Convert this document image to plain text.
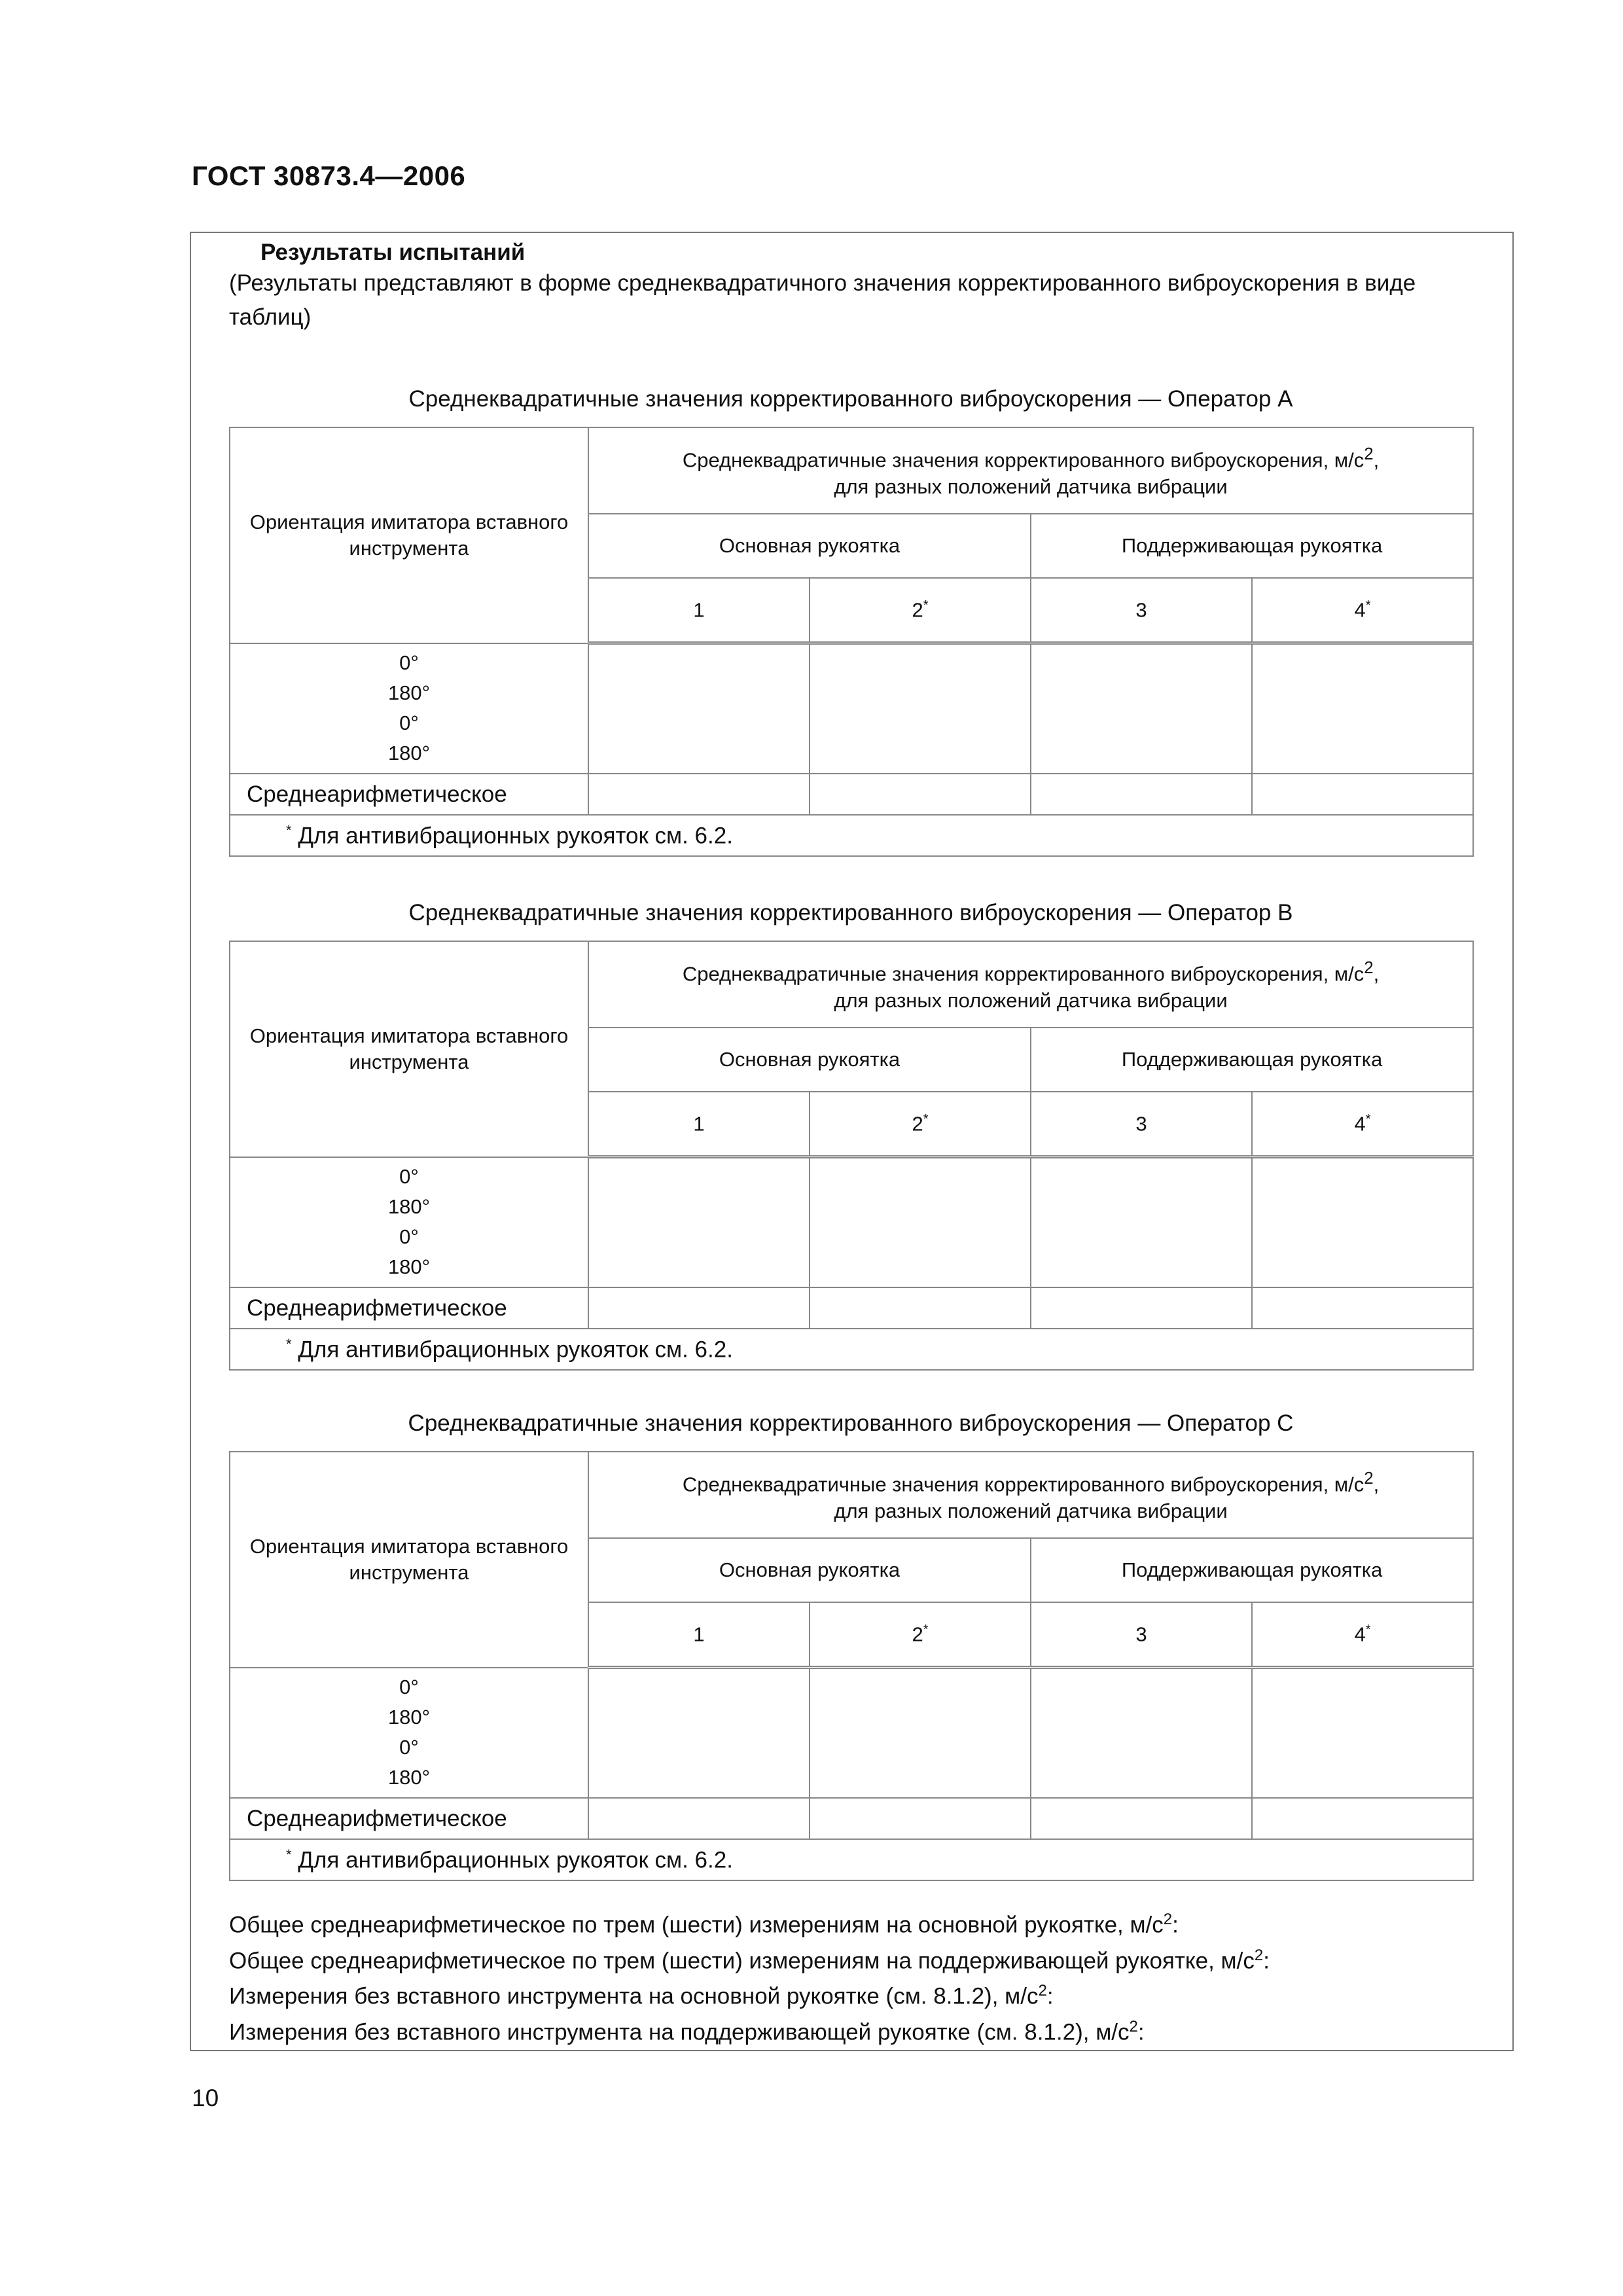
ГОСТ 30873.4—2006
Результаты испытаний
(Результаты представляют в форме среднеквадратичного значения корректированного виброускорения в виде таблиц)
Среднеквадратичные значения корректированного виброускорения — Оператор А
Ориентация имитатора вставного инструмента	Среднеквадратичные значения корректированного виброускорения, $м/с^2$,
для разных положений датчика вибрации			
	Основная рукоятка		Поддерживающая рукоятка	
	1	2*	3	4*

0°
180°
0°
180°				

Среднеарифметическое				
* Для антивибрационных рукояток см. 6.2.				
Среднеквадратичные значения корректированного виброускорения — Оператор В
Ориентация имитатора вставного инструмента	Среднеквадратичные значения корректированного виброускорения, $м/с^2$,
для разных положений датчика вибрации			
	Основная рукоятка		Поддерживающая рукоятка	
	1	2*	3	4*

0°
180°
0°
180°				

Среднеарифметическое				
* Для антивибрационных рукояток см. 6.2.				
Среднеквадратичные значения корректированного виброускорения — Оператор С
Ориентация имитатора вставного инструмента	Среднеквадратичные значения корректированного виброускорения, $м/с^2$,
для разных положений датчика вибрации			
	Основная рукоятка		Поддерживающая рукоятка	
	1	2*	3	4*

0°
180°
0°
180°				

Среднеарифметическое				
* Для антивибрационных рукояток см. 6.2.				
Общее среднеарифметическое по трем (шести) измерениям на основной рукоятке, $м/с^2$:
Общее среднеарифметическое по трем (шести) измерениям на поддерживающей рукоятке, $м/с^2$:
Измерения без вставного инструмента на основной рукоятке (см. 8.1.2), $м/с^2$:
Измерения без вставного инструмента на поддерживающей рукоятке (см. 8.1.2), $м/с^2$:
10
